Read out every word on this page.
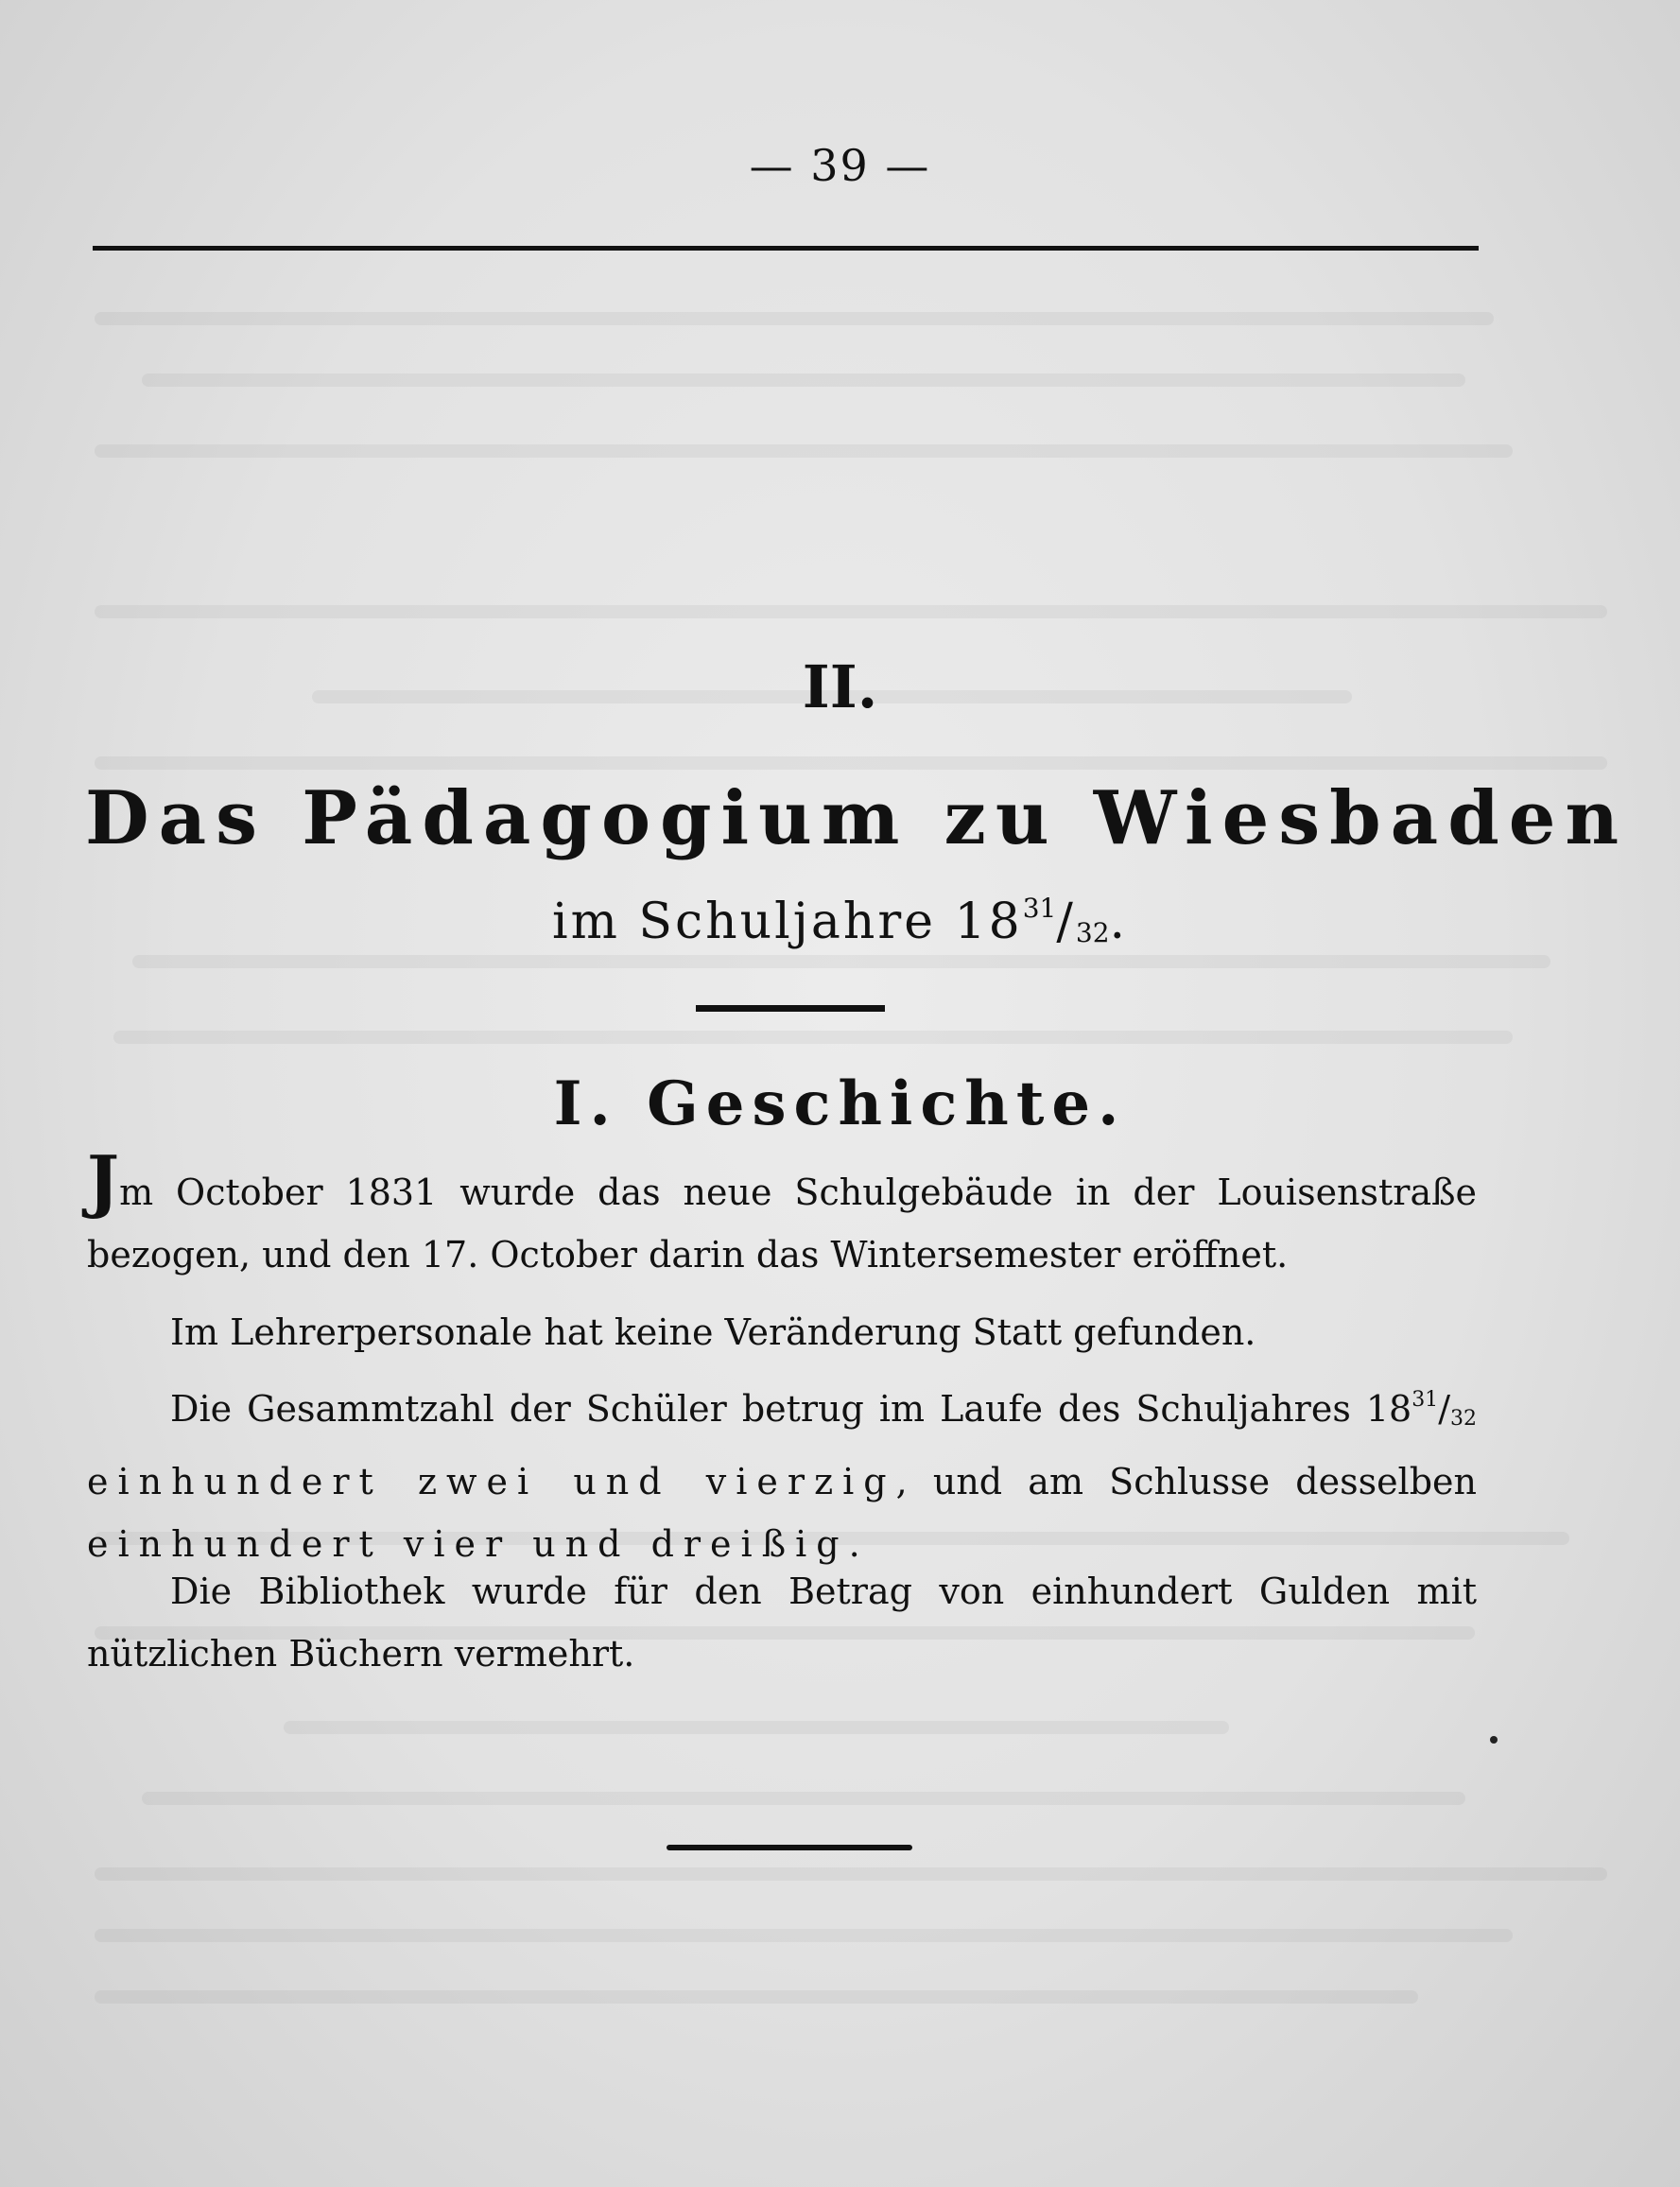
— 39 —
II.
Das Pädagogium zu Wiesbaden
im Schuljahre $18^{31}/_{32}$.
I. Geschichte.
Jm October 1831 wurde das neue Schulgebäude in der Louisenstraße bezogen, und den 17. October darin das Wintersemester eröffnet.
Im Lehrerpersonale hat keine Veränderung Statt gefunden.
Die Gesammtzahl der Schüler betrug im Laufe des Schuljahres $18^{31}/_{32}$ einhundert zwei und vierzig, und am Schlusse desselben einhundert vier und dreißig.
Die Bibliothek wurde für den Betrag von einhundert Gulden mit nützlichen Büchern vermehrt.
